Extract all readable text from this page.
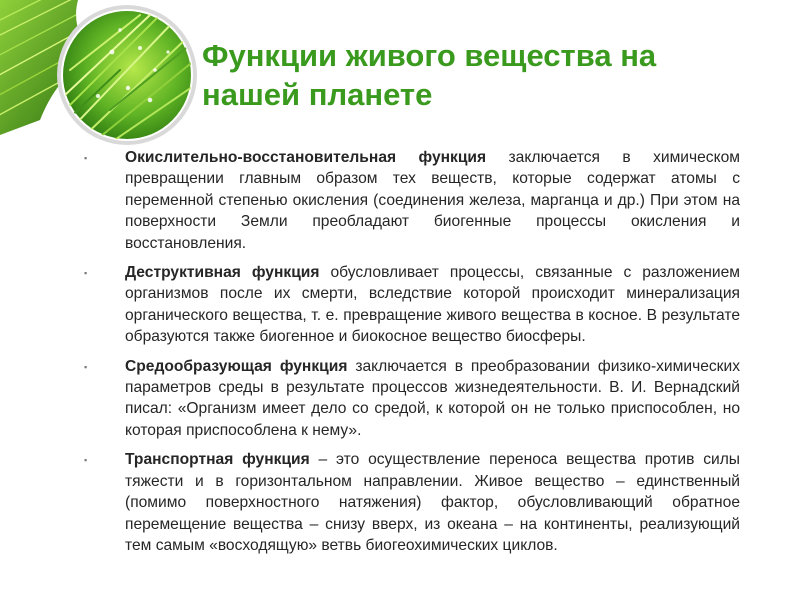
Функции живого вещества на
нашей планете
▪ Окислительно-восстановительная функция заключается в химическом превращении главным образом тех веществ, которые содержат атомы с переменной степенью окисления (соединения железа, марганца и др.) При этом на поверхности Земли преобладают биогенные процессы окисления и восстановления.
▪ Деструктивная функция обусловливает процессы, связанные с разложением организмов после их смерти, вследствие которой происходит минерализация органического вещества, т. е. превращение живого вещества в косное. В результате образуются также биогенное и биокосное вещество биосферы.
▪ Средообразующая функция заключается в преобразовании физико-химических параметров среды в результате процессов жизнедеятельности. В. И. Вернадский писал: «Организм имеет дело со средой, к которой он не только приспособлен, но которая приспособлена к нему».
▪ Транспортная функция – это осуществление переноса вещества против силы тяжести и в горизонтальном направлении. Живое вещество – единственный (помимо поверхностного натяжения) фактор, обусловливающий обратное перемещение вещества – снизу вверх, из океана – на континенты, реализующий тем самым «восходящую» ветвь биогеохимических циклов.
